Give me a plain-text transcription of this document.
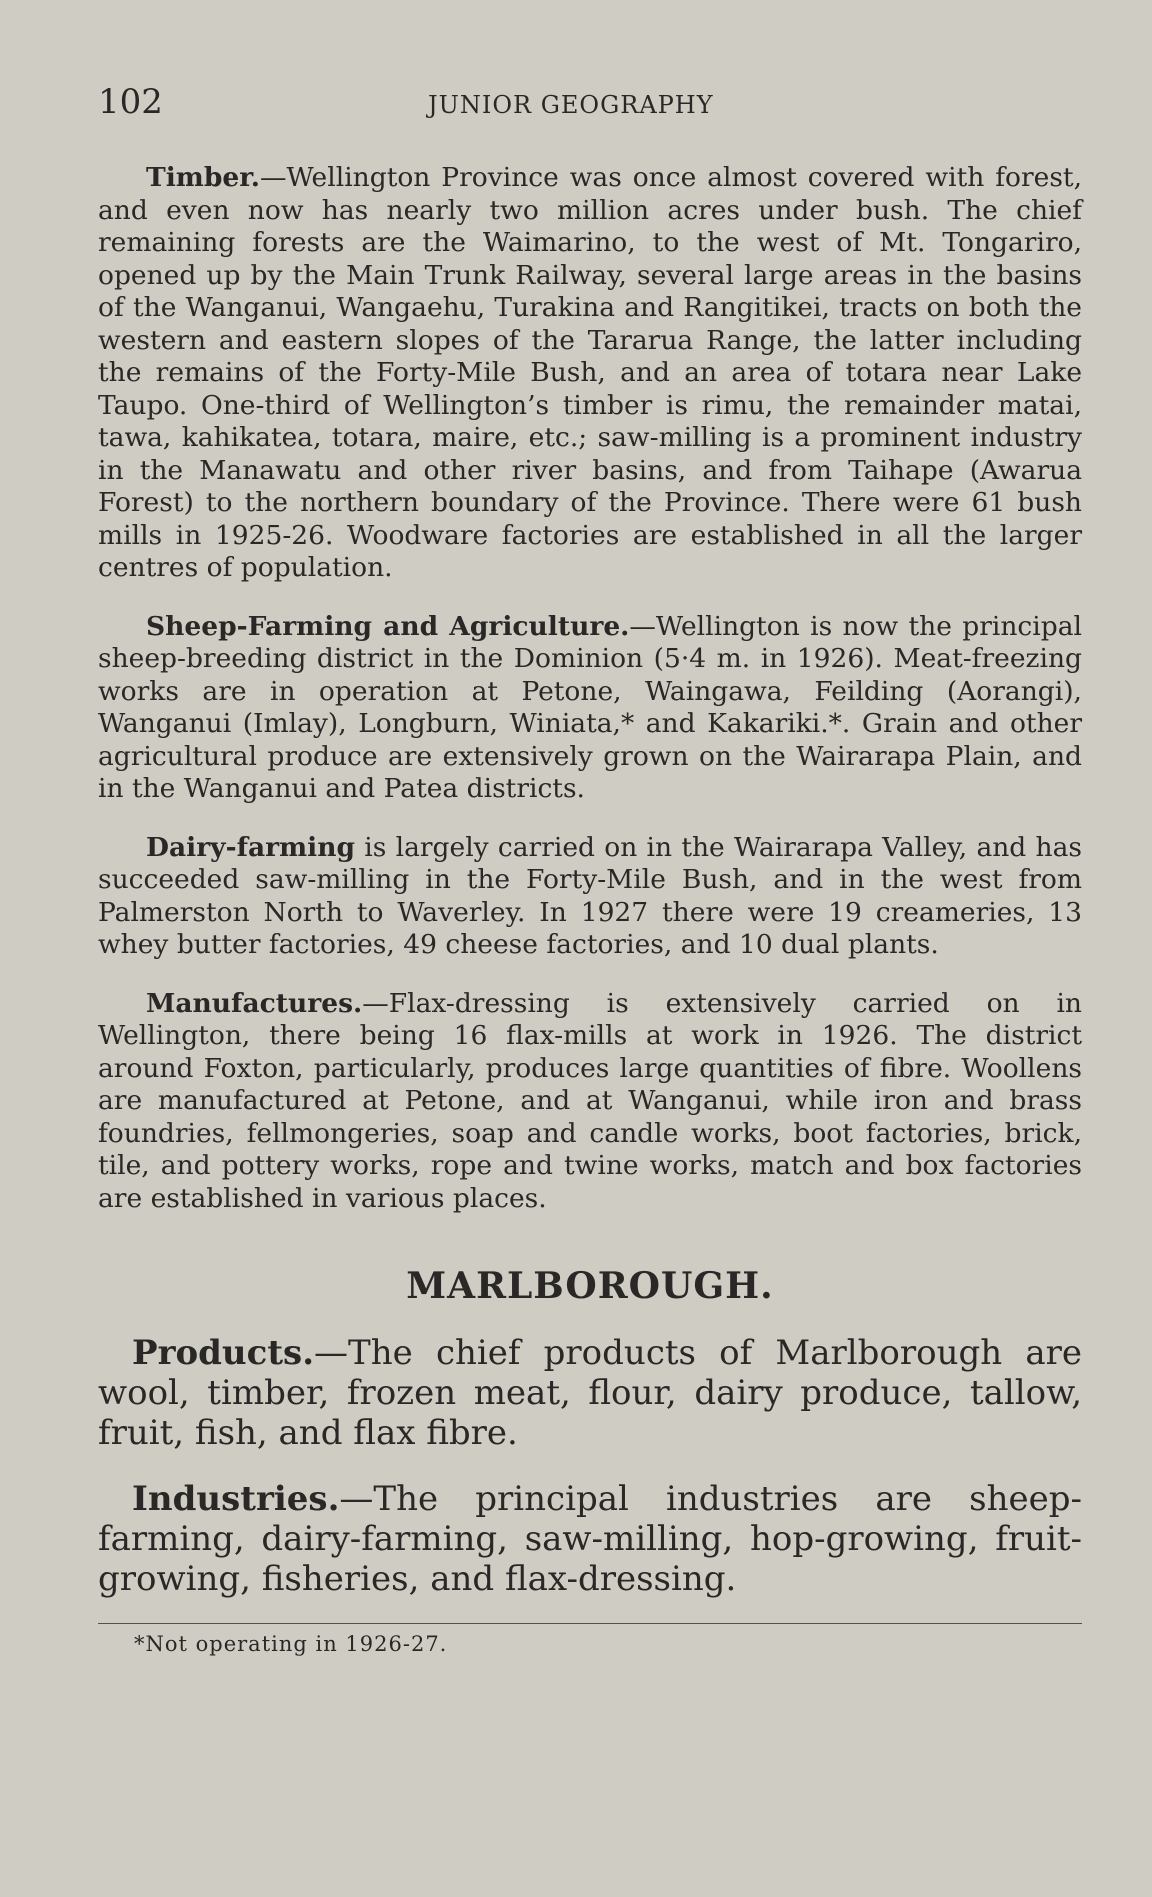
102	JUNIOR GEOGRAPHY

Timber.—Wellington Province was once almost covered with forest, and even now has nearly two million acres under bush. The chief remaining forests are the Waimarino, to the west of Mt. Tongariro, opened up by the Main Trunk Railway, several large areas in the basins of the Wanganui, Wangaehu, Turakina and Rangitikei, tracts on both the western and eastern slopes of the Tararua Range, the latter including the remains of the Forty-Mile Bush, and an area of totara near Lake Taupo. One-third of Wellington’s timber is rimu, the remainder matai, tawa, kahikatea, totara, maire, etc.; saw-milling is a prominent industry in the Manawatu and other river basins, and from Taihape (Awarua Forest) to the northern boundary of the Province. There were 61 bush mills in 1925-26. Woodware factories are established in all the larger centres of population.

Sheep-Farming and Agriculture.—Wellington is now the principal sheep-breeding district in the Dominion (5·4 m. in 1926). Meat-freezing works are in operation at Petone, Waingawa, Feilding (Aorangi), Wanganui (Imlay), Longburn, Winiata,* and Kakariki.*. Grain and other agricultural produce are extensively grown on the Wairarapa Plain, and in the Wanganui and Patea districts.

Dairy-farming is largely carried on in the Wairarapa Valley, and has succeeded saw-milling in the Forty-Mile Bush, and in the west from Palmerston North to Waverley. In 1927 there were 19 creameries, 13 whey butter factories, 49 cheese factories, and 10 dual plants.

Manufactures.—Flax-dressing is extensively carried on in Wellington, there being 16 flax-mills at work in 1926. The district around Foxton, particularly, produces large quantities of fibre. Woollens are manufactured at Petone, and at Wanganui, while iron and brass foundries, fellmongeries, soap and candle works, boot factories, brick, tile, and pottery works, rope and twine works, match and box factories are established in various places.

MARLBOROUGH.

Products.—The chief products of Marlborough are wool, timber, frozen meat, flour, dairy produce, tallow, fruit, fish, and flax fibre.

Industries.—The principal industries are sheep-farming, dairy-farming, saw-milling, hop-growing, fruit-growing, fisheries, and flax-dressing.

*Not operating in 1926-27.
